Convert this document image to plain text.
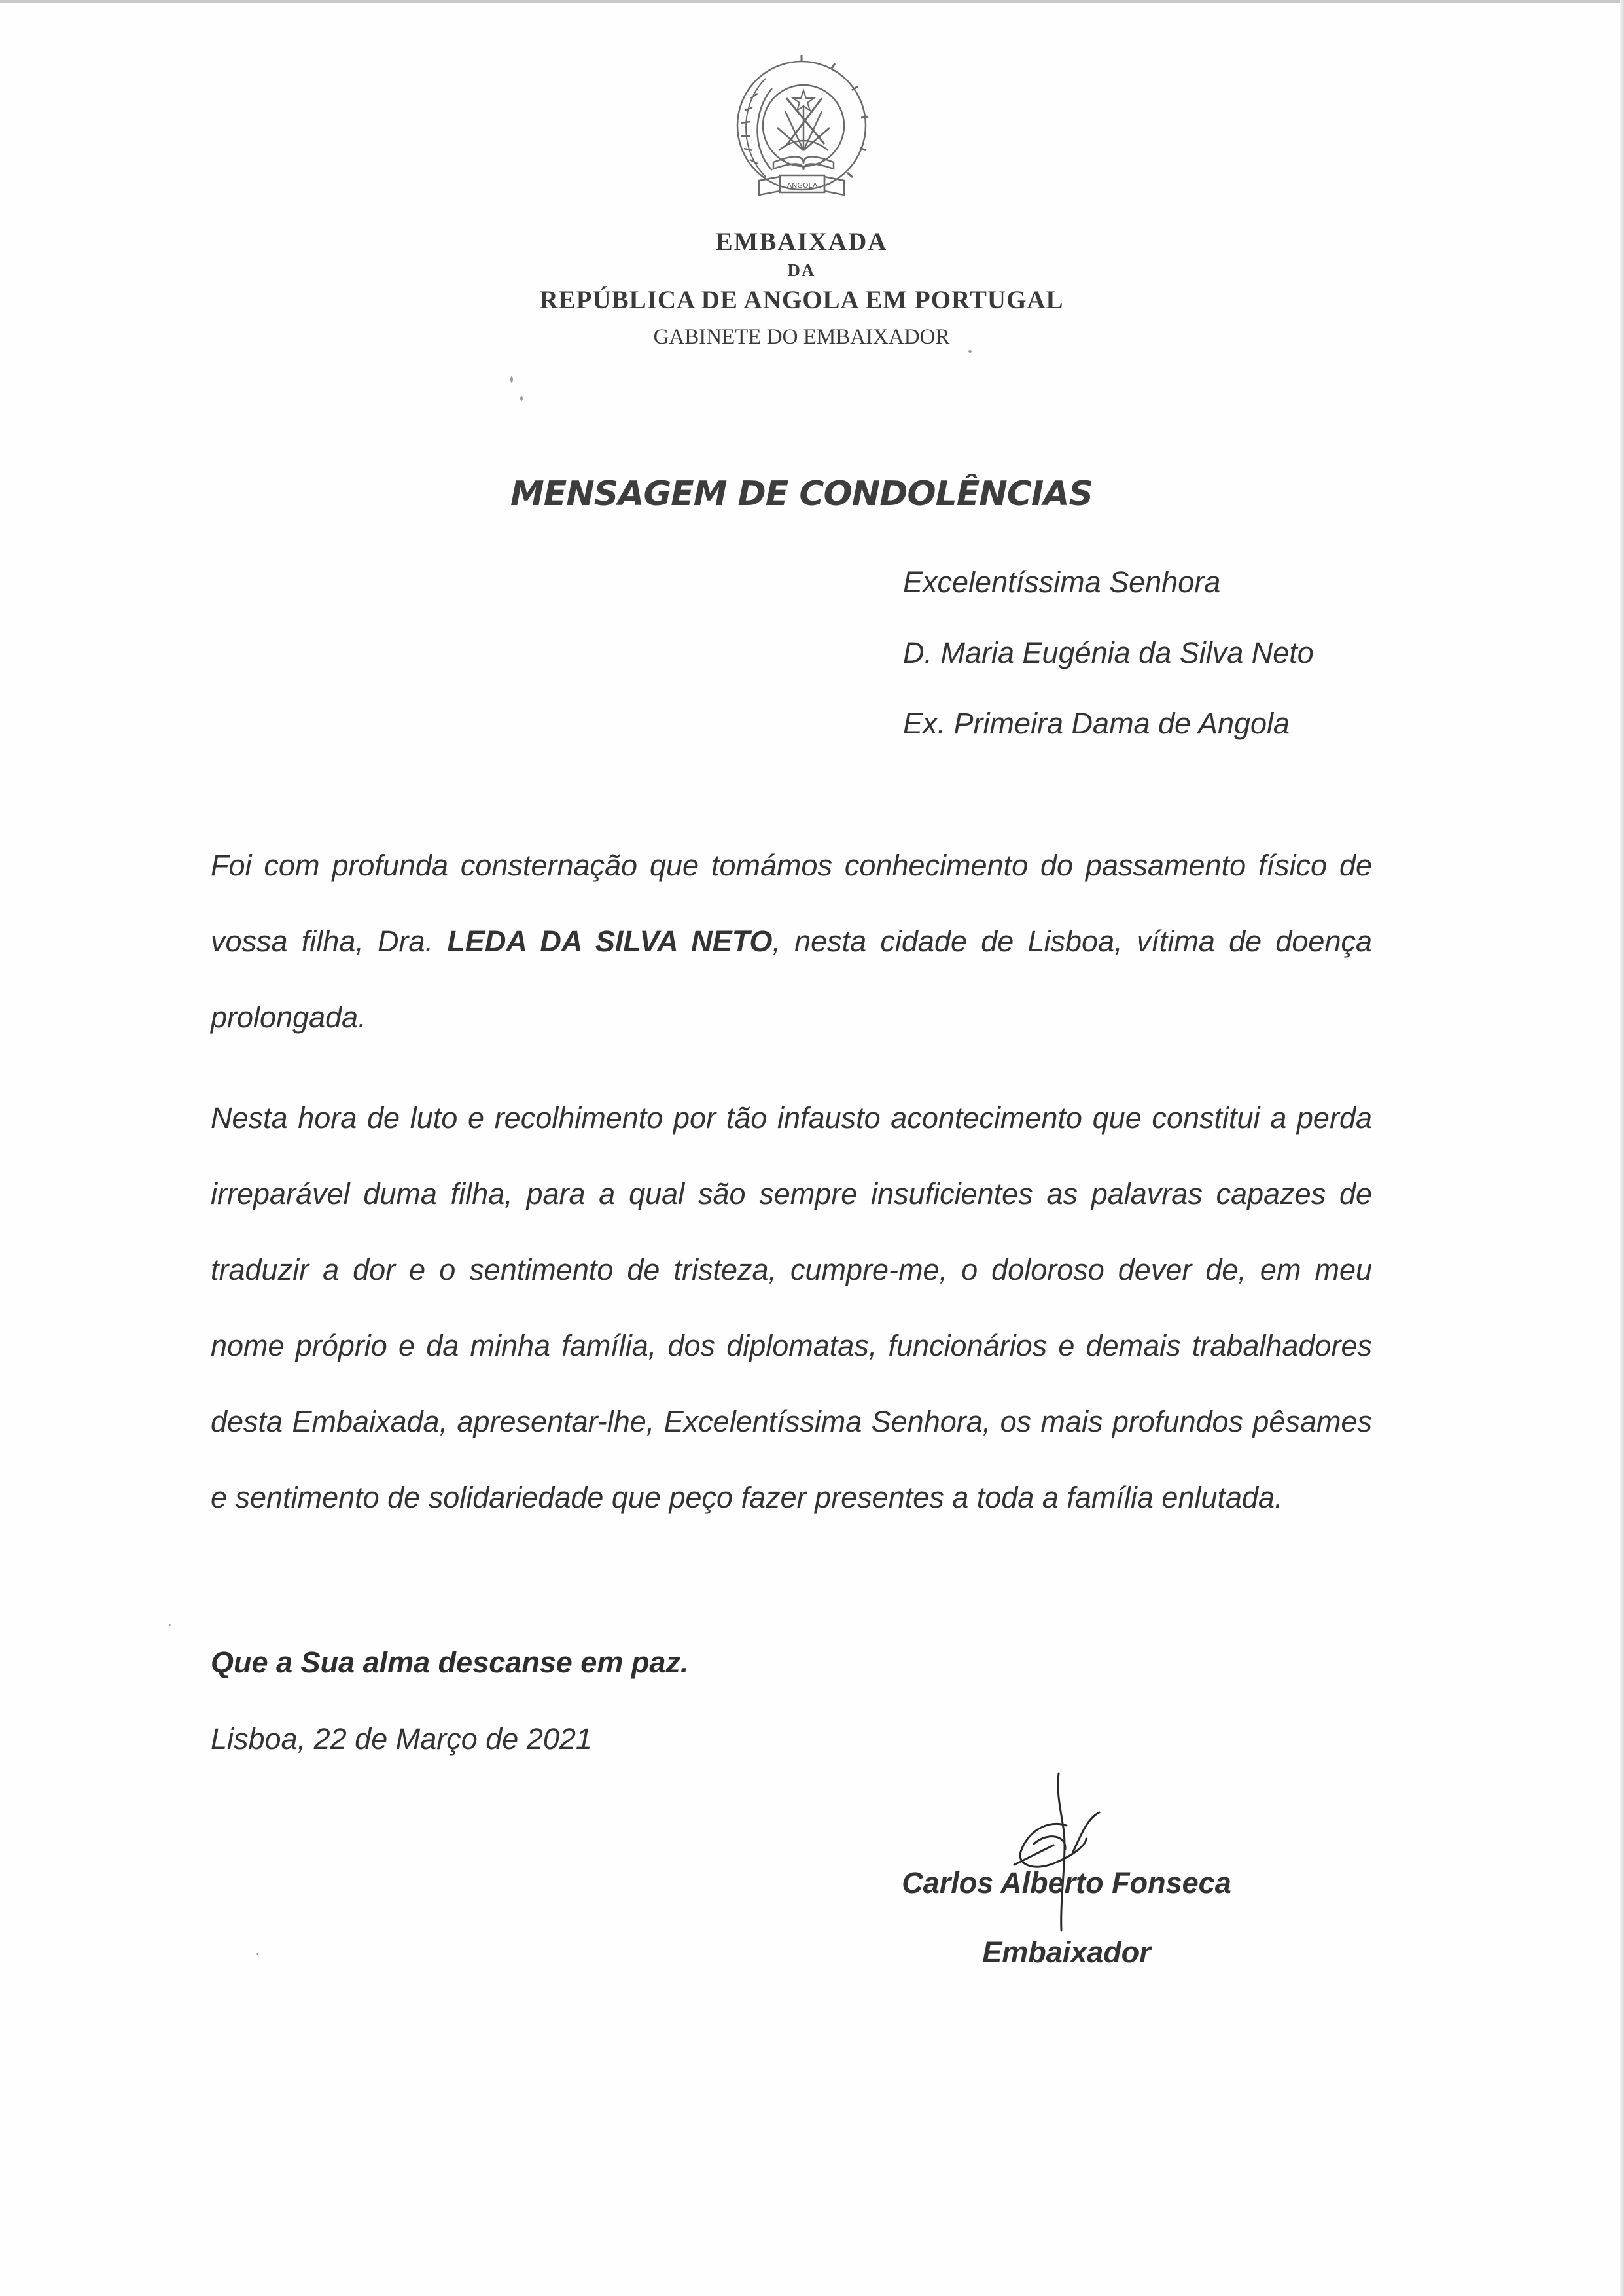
ANGOLA
EMBAIXADA
DA
REPÚBLICA DE ANGOLA EM PORTUGAL
GABINETE DO EMBAIXADOR
MENSAGEM DE CONDOLÊNCIAS
Excelentíssima Senhora
D. Maria Eugénia da Silva Neto
Ex. Primeira Dama de Angola
Foi com profunda consternação que tomámos conhecimento do passamento físico de vossa filha, Dra. LEDA DA SILVA NETO, nesta cidade de Lisboa, vítima de doença prolongada.
Nesta hora de luto e recolhimento por tão infausto acontecimento que constitui a perda irreparável duma filha, para a qual são sempre insuficientes as palavras capazes de traduzir a dor e o sentimento de tristeza, cumpre-me, o doloroso dever de, em meu nome próprio e da minha família, dos diplomatas, funcionários e demais trabalhadores desta Embaixada, apresentar-lhe, Excelentíssima Senhora, os mais profundos pêsames e sentimento de solidariedade que peço fazer presentes a toda a família enlutada.
Que a Sua alma descanse em paz.
Lisboa, 22 de Março de 2021
Carlos Alberto Fonseca
Embaixador
